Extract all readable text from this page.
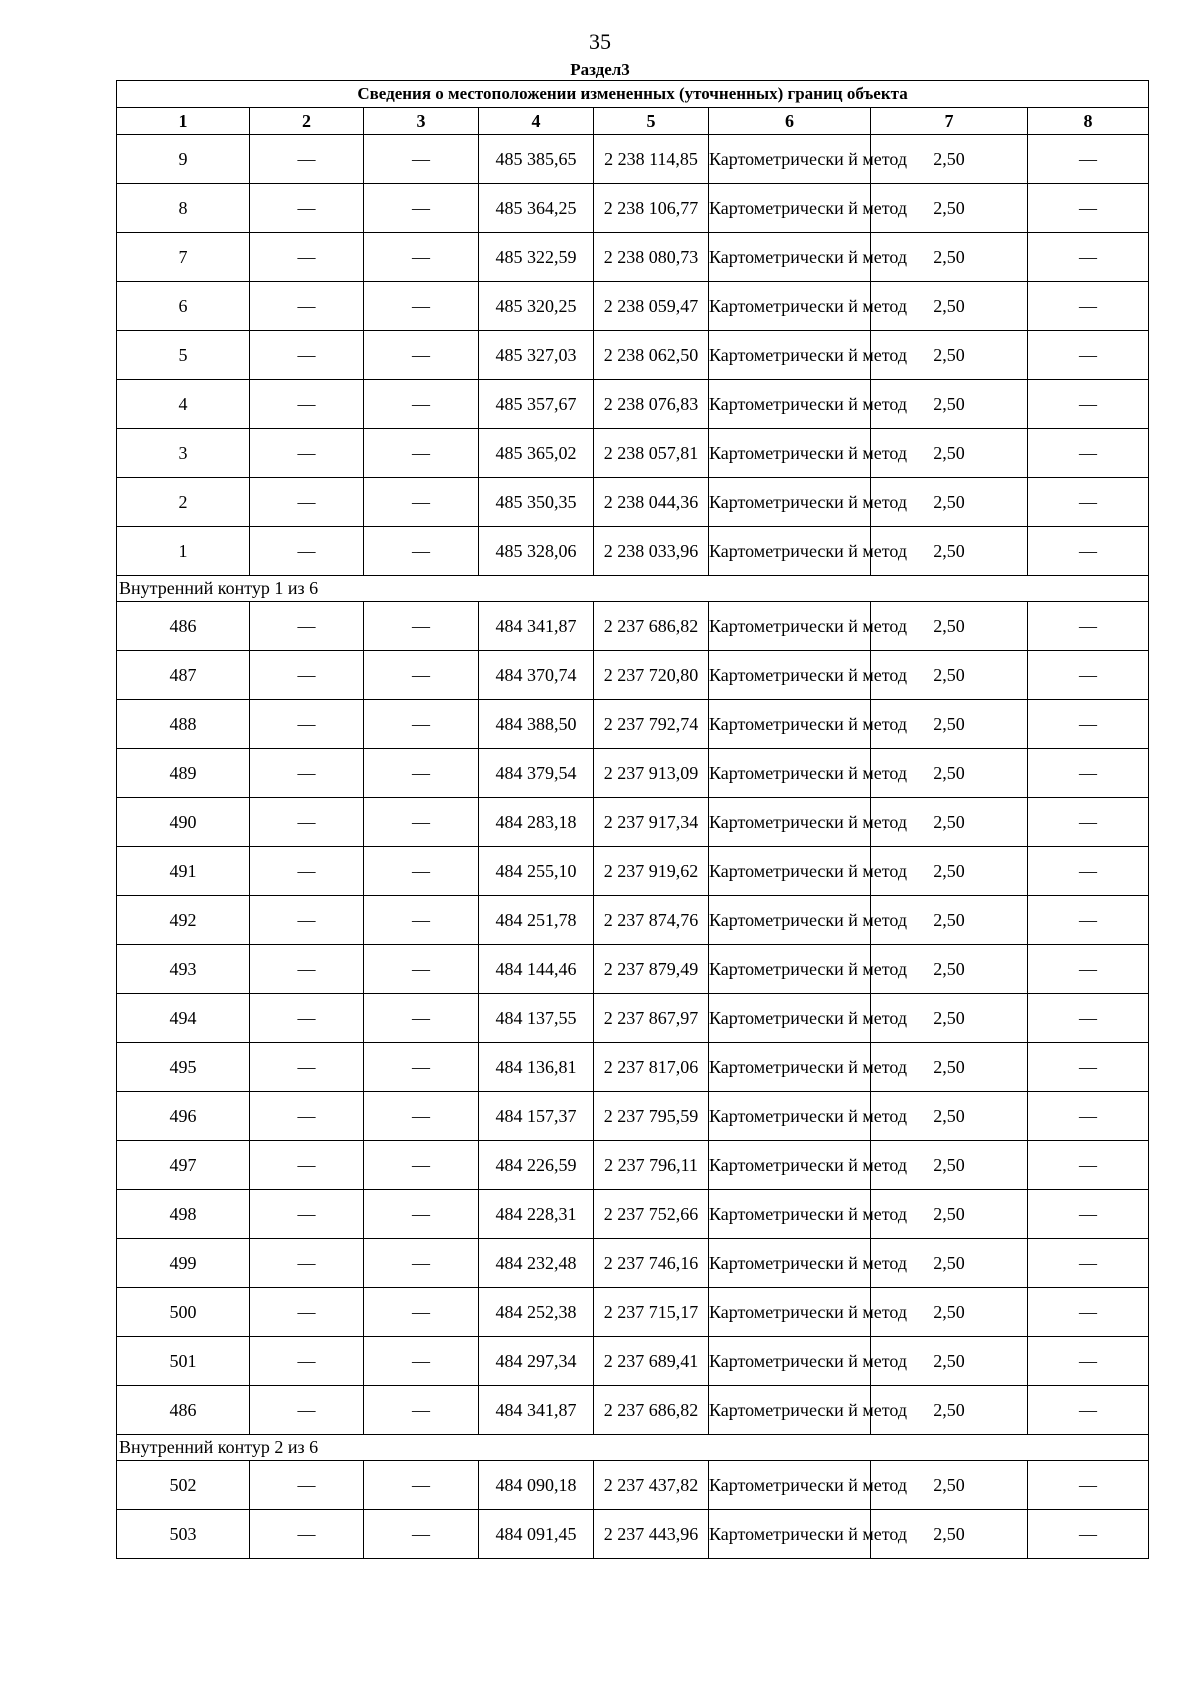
35
Раздел3
Сведения о местоположении измененных (уточненных) границ объекта							
1	2	3	4	5	6	7	8
9	—	—	485 385,65	2 238 114,85	Картометрически й метод	2,50	—
8	—	—	485 364,25	2 238 106,77	Картометрически й метод	2,50	—
7	—	—	485 322,59	2 238 080,73	Картометрически й метод	2,50	—
6	—	—	485 320,25	2 238 059,47	Картометрически й метод	2,50	—
5	—	—	485 327,03	2 238 062,50	Картометрически й метод	2,50	—
4	—	—	485 357,67	2 238 076,83	Картометрически й метод	2,50	—
3	—	—	485 365,02	2 238 057,81	Картометрически й метод	2,50	—
2	—	—	485 350,35	2 238 044,36	Картометрически й метод	2,50	—
1	—	—	485 328,06	2 238 033,96	Картометрически й метод	2,50	—
Внутренний контур 1 из 6							
486	—	—	484 341,87	2 237 686,82	Картометрически й метод	2,50	—
487	—	—	484 370,74	2 237 720,80	Картометрически й метод	2,50	—
488	—	—	484 388,50	2 237 792,74	Картометрически й метод	2,50	—
489	—	—	484 379,54	2 237 913,09	Картометрически й метод	2,50	—
490	—	—	484 283,18	2 237 917,34	Картометрически й метод	2,50	—
491	—	—	484 255,10	2 237 919,62	Картометрически й метод	2,50	—
492	—	—	484 251,78	2 237 874,76	Картометрически й метод	2,50	—
493	—	—	484 144,46	2 237 879,49	Картометрически й метод	2,50	—
494	—	—	484 137,55	2 237 867,97	Картометрически й метод	2,50	—
495	—	—	484 136,81	2 237 817,06	Картометрически й метод	2,50	—
496	—	—	484 157,37	2 237 795,59	Картометрически й метод	2,50	—
497	—	—	484 226,59	2 237 796,11	Картометрически й метод	2,50	—
498	—	—	484 228,31	2 237 752,66	Картометрически й метод	2,50	—
499	—	—	484 232,48	2 237 746,16	Картометрически й метод	2,50	—
500	—	—	484 252,38	2 237 715,17	Картометрически й метод	2,50	—
501	—	—	484 297,34	2 237 689,41	Картометрически й метод	2,50	—
486	—	—	484 341,87	2 237 686,82	Картометрически й метод	2,50	—
Внутренний контур 2 из 6							
502	—	—	484 090,18	2 237 437,82	Картометрически й метод	2,50	—
503	—	—	484 091,45	2 237 443,96	Картометрически й метод	2,50	—
